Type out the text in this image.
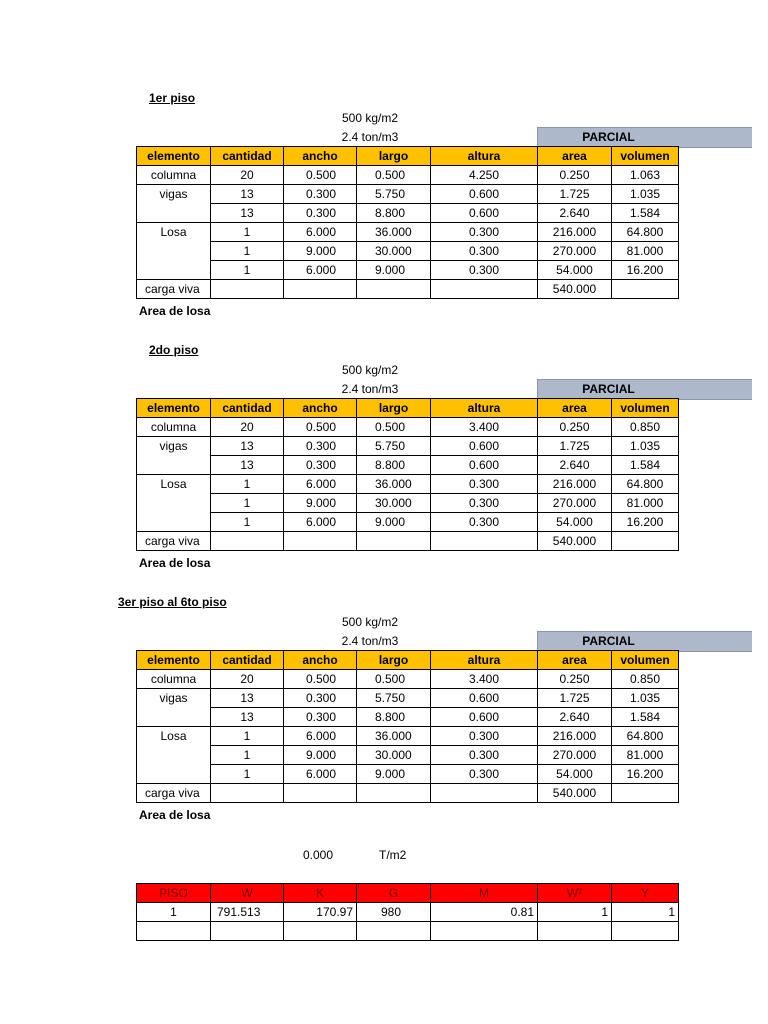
1er piso
500 kg/m2
2.4 ton/m3	PARCIAL
elemento	cantidad	ancho	largo	altura	area	volumen
columna	20	0.500	0.500	4.250	0.250	1.063
vigas	13	0.300	5.750	0.600	1.725	1.035
	13	0.300	8.800	0.600	2.640	1.584
Losa	1	6.000	36.000	0.300	216.000	64.800
	1	9.000	30.000	0.300	270.000	81.000
	1	6.000	9.000	0.300	54.000	16.200
carga viva					540.000	
Area de losa
2do piso
500 kg/m2
2.4 ton/m3	PARCIAL
elemento	cantidad	ancho	largo	altura	area	volumen
columna	20	0.500	0.500	3.400	0.250	0.850
vigas	13	0.300	5.750	0.600	1.725	1.035
	13	0.300	8.800	0.600	2.640	1.584
Losa	1	6.000	36.000	0.300	216.000	64.800
	1	9.000	30.000	0.300	270.000	81.000
	1	6.000	9.000	0.300	54.000	16.200
carga viva					540.000	
Area de losa
3er piso al 6to piso
500 kg/m2
2.4 ton/m3	PARCIAL
elemento	cantidad	ancho	largo	altura	area	volumen
columna	20	0.500	0.500	3.400	0.250	0.850
vigas	13	0.300	5.750	0.600	1.725	1.035
	13	0.300	8.800	0.600	2.640	1.584
Losa	1	6.000	36.000	0.300	216.000	64.800
	1	9.000	30.000	0.300	270.000	81.000
	1	6.000	9.000	0.300	54.000	16.200
carga viva					540.000	
Area de losa
0.000	T/m2
PISO	W	K	G	M	W²	Y
1	791.513	170.97	980	0.81	1	1
